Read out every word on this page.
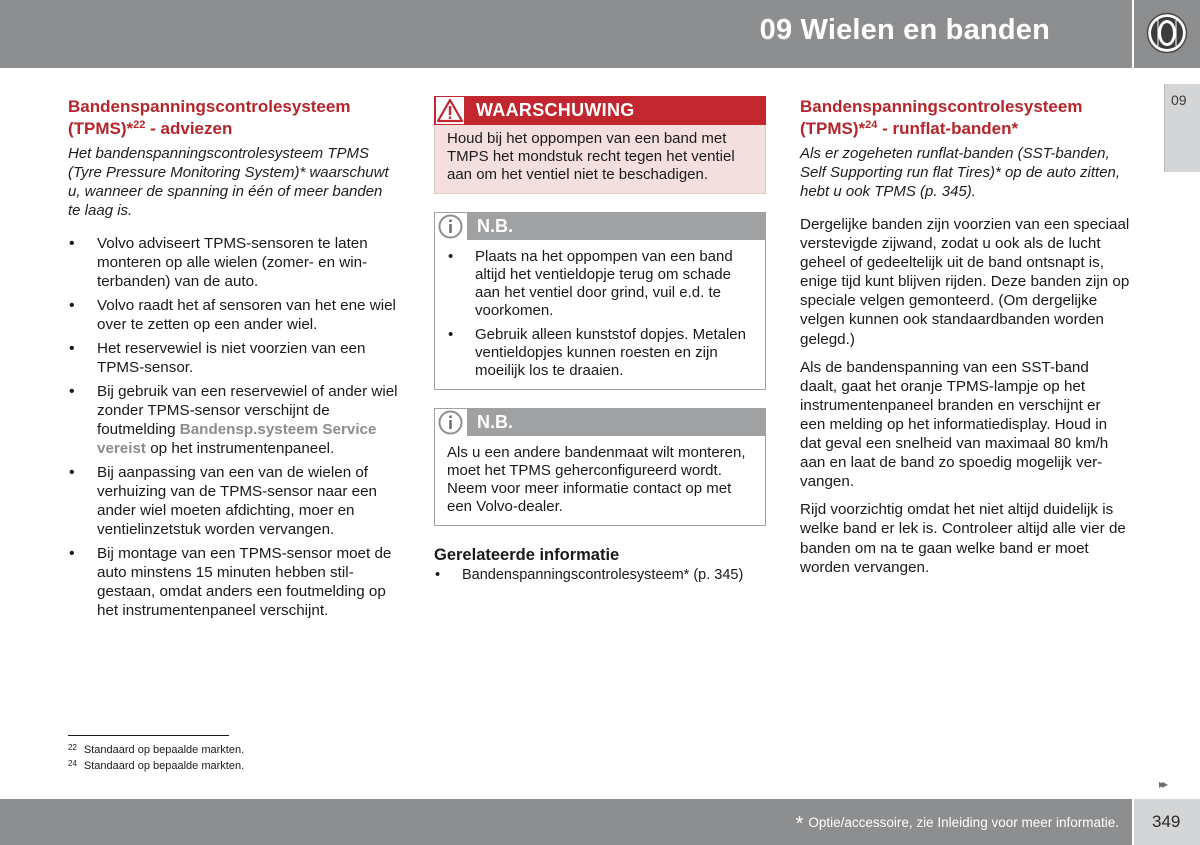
09 Wielen en banden
09
Bandenspanningscontrolesysteem (TPMS)*$^{22}$ - adviezen
Het bandenspanningscontrolesysteem TPMS (Tyre Pressure Monitoring System)* waarschuwt u, wanneer de spanning in één of meer banden te laag is.
• Volvo adviseert TPMS-sensoren te laten monteren op alle wielen (zomer- en winterbanden) van de auto.
• Volvo raadt het af sensoren van het ene wiel over te zetten op een ander wiel.
• Het reservewiel is niet voorzien van een TPMS-sensor.
• Bij gebruik van een reservewiel of ander wiel zonder TPMS-sensor verschijnt de foutmelding Bandensp.systeem Service vereist op het instrumentenpaneel.
• Bij aanpassing van een van de wielen of verhuizing van de TPMS-sensor naar een ander wiel moeten afdichting, moer en ventielinzetstuk worden vervangen.
• Bij montage van een TPMS-sensor moet de auto minstens 15 minuten hebben stilgestaan, omdat anders een foutmelding op het instrumentenpaneel verschijnt.
WAARSCHUWING
Houd bij het oppompen van een band met TMPS het mondstuk recht tegen het ventiel aan om het ventiel niet te beschadigen.
N.B.
• Plaats na het oppompen van een band altijd het ventieldopje terug om schade aan het ventiel door grind, vuil e.d. te voorkomen.
• Gebruik alleen kunststof dopjes. Metalen ventieldopjes kunnen roesten en zijn moeilijk los te draaien.
N.B.
Als u een andere bandenmaat wilt monteren, moet het TPMS geherconfigureerd wordt. Neem voor meer informatie contact op met een Volvo-dealer.
Gerelateerde informatie
• Bandenspanningscontrolesysteem* (p. 345)
Bandenspanningscontrolesysteem (TPMS)*$^{24}$ - runflat-banden*
Als er zogeheten runflat-banden (SST-banden, Self Supporting run flat Tires)* op de auto zitten, hebt u ook TPMS (p. 345).

Dergelijke banden zijn voorzien van een speciaal verstevigde zijwand, zodat u ook als de lucht geheel of gedeeltelijk uit de band ontsnapt is, enige tijd kunt blijven rijden. Deze banden zijn op speciale velgen gemonteerd. (Om dergelijke velgen kunnen ook standaardbanden worden gelegd.)

Als de bandenspanning van een SST-band daalt, gaat het oranje TPMS-lampje op het instrumentenpaneel branden en verschijnt er een melding op het informatiedisplay. Houd in dat geval een snelheid van maximaal 80 km/h aan en laat de band zo spoedig mogelijk vervangen.

Rijd voorzichtig omdat het niet altijd duidelijk is welke band er lek is. Controleer altijd alle vier de banden om na te gaan welke band er moet worden vervangen.

$^{22}$ Standaard op bepaalde markten.
$^{24}$ Standaard op bepaalde markten.
▸▸
* Optie/accessoire, zie Inleiding voor meer informatie. 349
